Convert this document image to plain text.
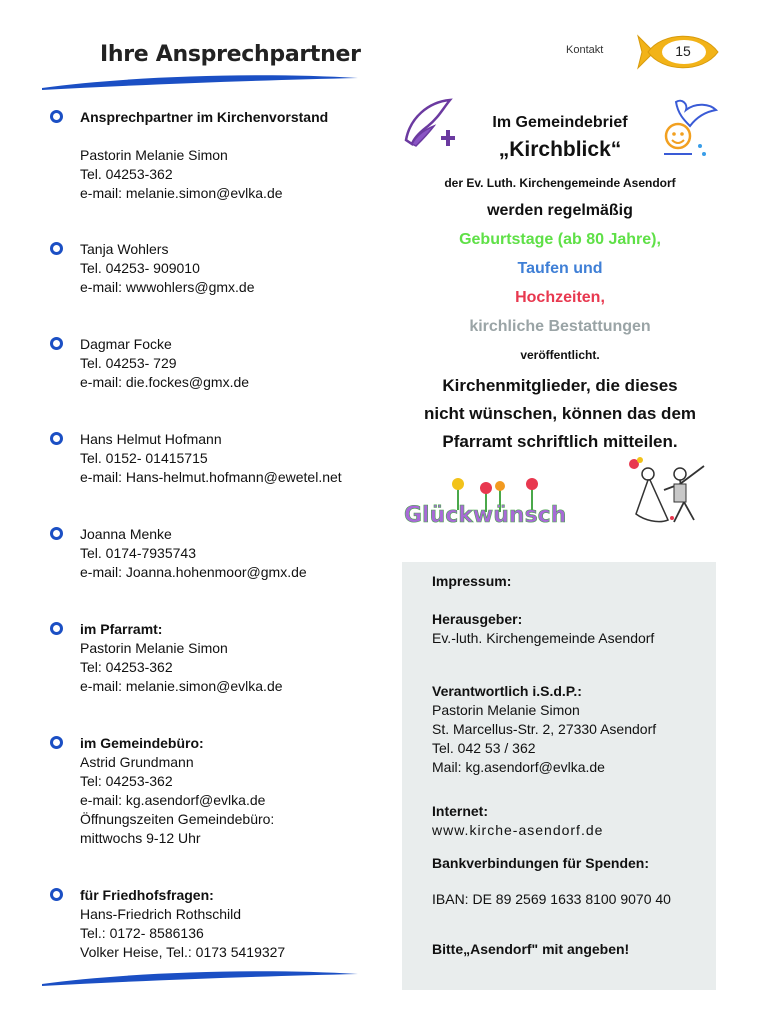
Ihre Ansprechpartner	Kontakt	15
Ansprechpartner im Kirchenvorstand
Pastorin Melanie Simon
Tel. 04253-362
e-mail: melanie.simon@evlka.de
Tanja Wohlers
Tel. 04253- 909010
e-mail: wwwohlers@gmx.de
Dagmar Focke
Tel. 04253- 729
e-mail: die.fockes@gmx.de
Hans Helmut Hofmann
Tel. 0152- 01415715
e-mail: Hans-helmut.hofmann@ewetel.net
Joanna Menke
Tel. 0174-7935743
e-mail: Joanna.hohenmoor@gmx.de
im Pfarramt:
Pastorin Melanie Simon
Tel: 04253-362
e-mail: melanie.simon@evlka.de
im Gemeindebüro:
Astrid Grundmann
Tel: 04253-362
e-mail: kg.asendorf@evlka.de
Öffnungszeiten Gemeindebüro:
mittwochs 9-12 Uhr
für Friedhofsfragen:
Hans-Friedrich Rothschild
Tel.: 0172- 8586136
Volker Heise, Tel.: 0173 5419327
Im Gemeindebrief
„Kirchblick“
der Ev. Luth. Kirchengemeinde Asendorf
werden regelmäßig
Geburtstage (ab 80 Jahre),
Taufen und
Hochzeiten,
kirchliche Bestattungen
veröffentlicht.
Kirchenmitglieder, die dieses
nicht wünschen, können das dem
Pfarramt schriftlich mitteilen.
Glückwünsch
Impressum:
Herausgeber:
Ev.-luth. Kirchengemeinde Asendorf
Verantwortlich i.S.d.P.:
Pastorin Melanie Simon
St. Marcellus-Str. 2, 27330 Asendorf
Tel. 042 53 / 362
Mail: kg.asendorf@evlka.de
Internet:
www.kirche-asendorf.de
Bankverbindungen für Spenden:
IBAN: DE 89 2569 1633 8100 9070 40
Bitte„Asendorf" mit angeben!
